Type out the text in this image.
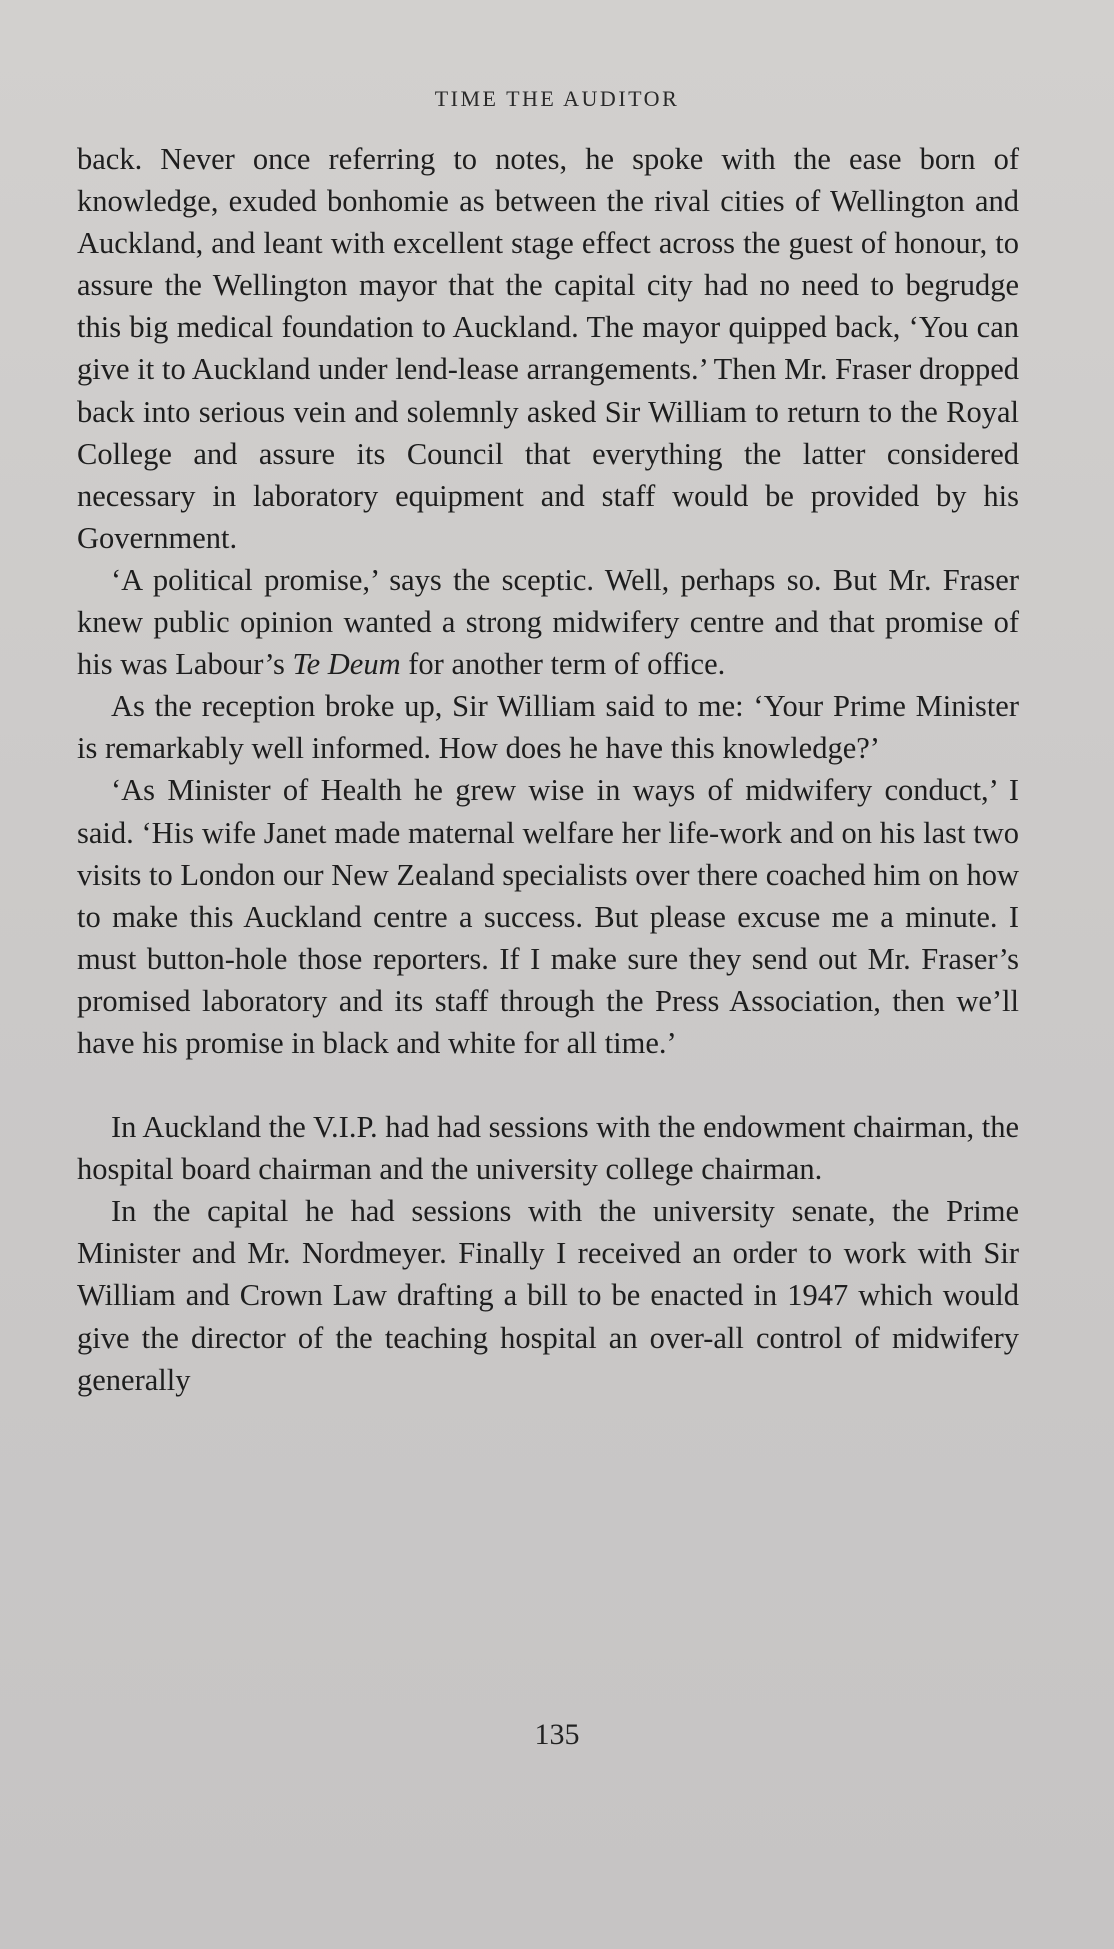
TIME THE AUDITOR

back. Never once referring to notes, he spoke with the ease born of knowledge, exuded bonhomie as between the rival cities of Wellington and Auckland, and leant with excellent stage effect across the guest of honour, to assure the Wellington mayor that the capital city had no need to begrudge this big medical foundation to Auckland. The mayor quipped back, ‘You can give it to Auckland under lend-lease arrangements.’ Then Mr. Fraser dropped back into serious vein and solemnly asked Sir William to return to the Royal College and assure its Council that everything the latter considered necessary in laboratory equipment and staff would be provided by his Government.

‘A political promise,’ says the sceptic. Well, perhaps so. But Mr. Fraser knew public opinion wanted a strong midwifery centre and that promise of his was Labour’s Te Deum for another term of office.

As the reception broke up, Sir William said to me: ‘Your Prime Minister is remarkably well informed. How does he have this knowledge?’

‘As Minister of Health he grew wise in ways of midwifery conduct,’ I said. ‘His wife Janet made maternal welfare her life-work and on his last two visits to London our New Zealand specialists over there coached him on how to make this Auckland centre a success. But please excuse me a minute. I must button-hole those reporters. If I make sure they send out Mr. Fraser’s promised laboratory and its staff through the Press Association, then we’ll have his promise in black and white for all time.’

In Auckland the V.I.P. had had sessions with the endowment chairman, the hospital board chairman and the university college chairman.

In the capital he had sessions with the university senate, the Prime Minister and Mr. Nordmeyer. Finally I received an order to work with Sir William and Crown Law drafting a bill to be enacted in 1947 which would give the director of the teaching hospital an over-all control of midwifery generally

135
